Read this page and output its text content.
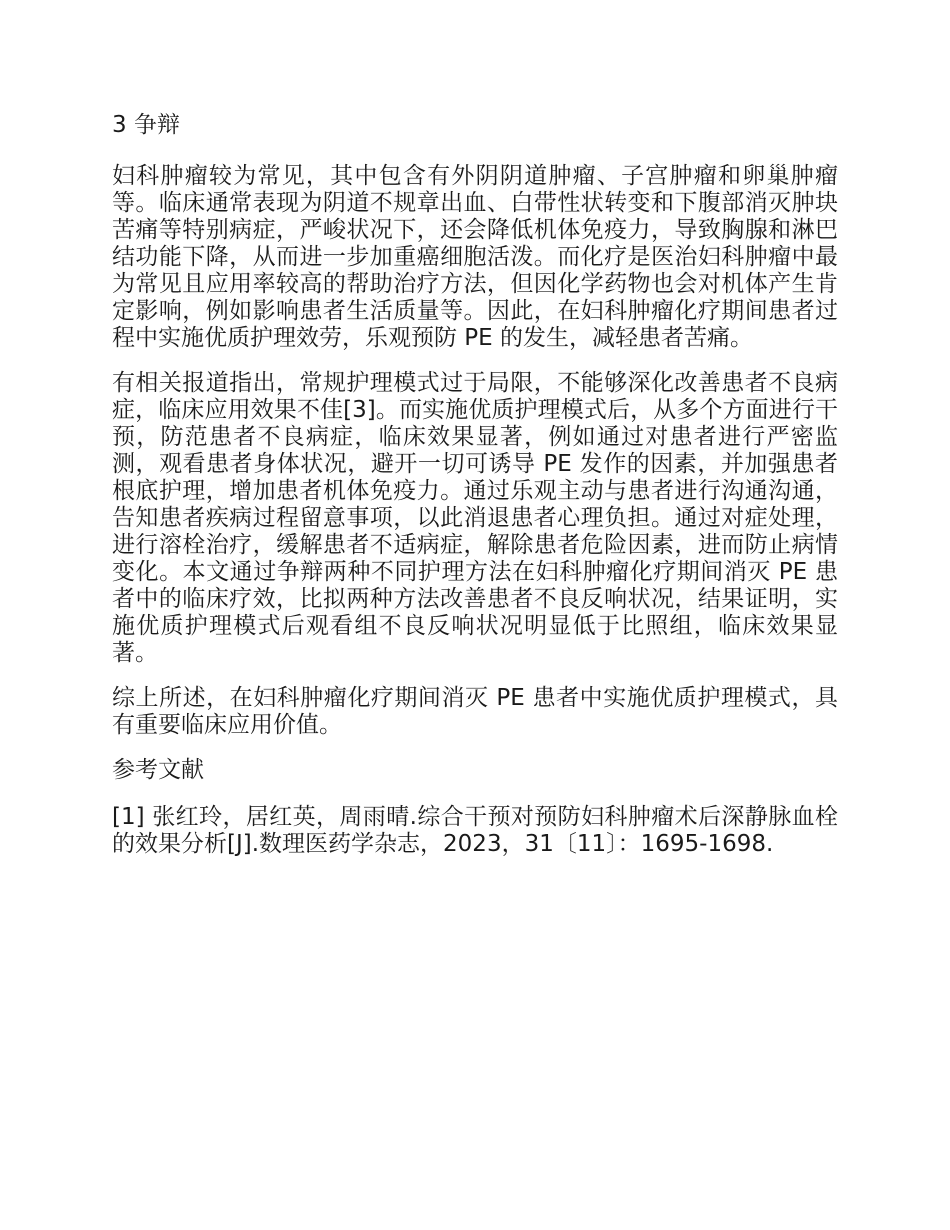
3 争辩

妇科肿瘤较为常见，其中包含有外阴阴道肿瘤、子宫肿瘤和卵巢肿瘤等。临床通常表现为阴道不规章出血、白带性状转变和下腹部消灭肿块苦痛等特别病症，严峻状况下，还会降低机体免疫力，导致胸腺和淋巴结功能下降，从而进一步加重癌细胞活泼。而化疗是医治妇科肿瘤中最为常见且应用率较高的帮助治疗方法，但因化学药物也会对机体产生肯定影响，例如影响患者生活质量等。因此，在妇科肿瘤化疗期间患者过程中实施优质护理效劳，乐观预防 PE 的发生，减轻患者苦痛。

有相关报道指出，常规护理模式过于局限，不能够深化改善患者不良病症，临床应用效果不佳[3]。而实施优质护理模式后，从多个方面进行干预，防范患者不良病症，临床效果显著，例如通过对患者进行严密监测，观看患者身体状况，避开一切可诱导 PE 发作的因素，并加强患者根底护理，增加患者机体免疫力。通过乐观主动与患者进行沟通沟通，告知患者疾病过程留意事项，以此消退患者心理负担。通过对症处理，进行溶栓治疗，缓解患者不适病症，解除患者危险因素，进而防止病情变化。本文通过争辩两种不同护理方法在妇科肿瘤化疗期间消灭 PE 患者中的临床疗效，比拟两种方法改善患者不良反响状况，结果证明，实施优质护理模式后观看组不良反响状况明显低于比照组，临床效果显著。

综上所述，在妇科肿瘤化疗期间消灭 PE 患者中实施优质护理模式，具有重要临床应用价值。

参考文献

[1] 张红玲，居红英，周雨晴.综合干预对预防妇科肿瘤术后深静脉血栓的效果分析[J].数理医药学杂志，2023，31〔11〕：1695-1698.
